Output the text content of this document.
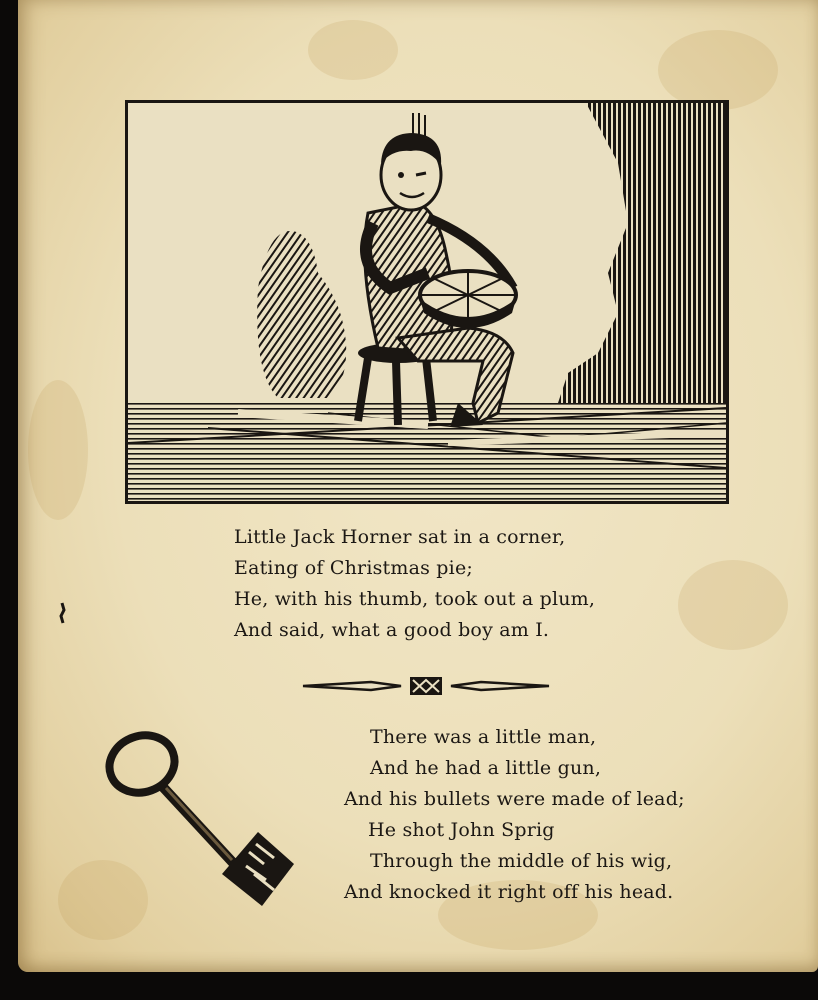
Little Jack Horner sat in a corner,
Eating of Christmas pie;
He, with his thumb, took out a plum,
And said, what a good boy am I.
There was a little man,
And he had a little gun,
And his bullets were made of lead;
He shot John Sprig
Through the middle of his wig,
And knocked it right off his head.
